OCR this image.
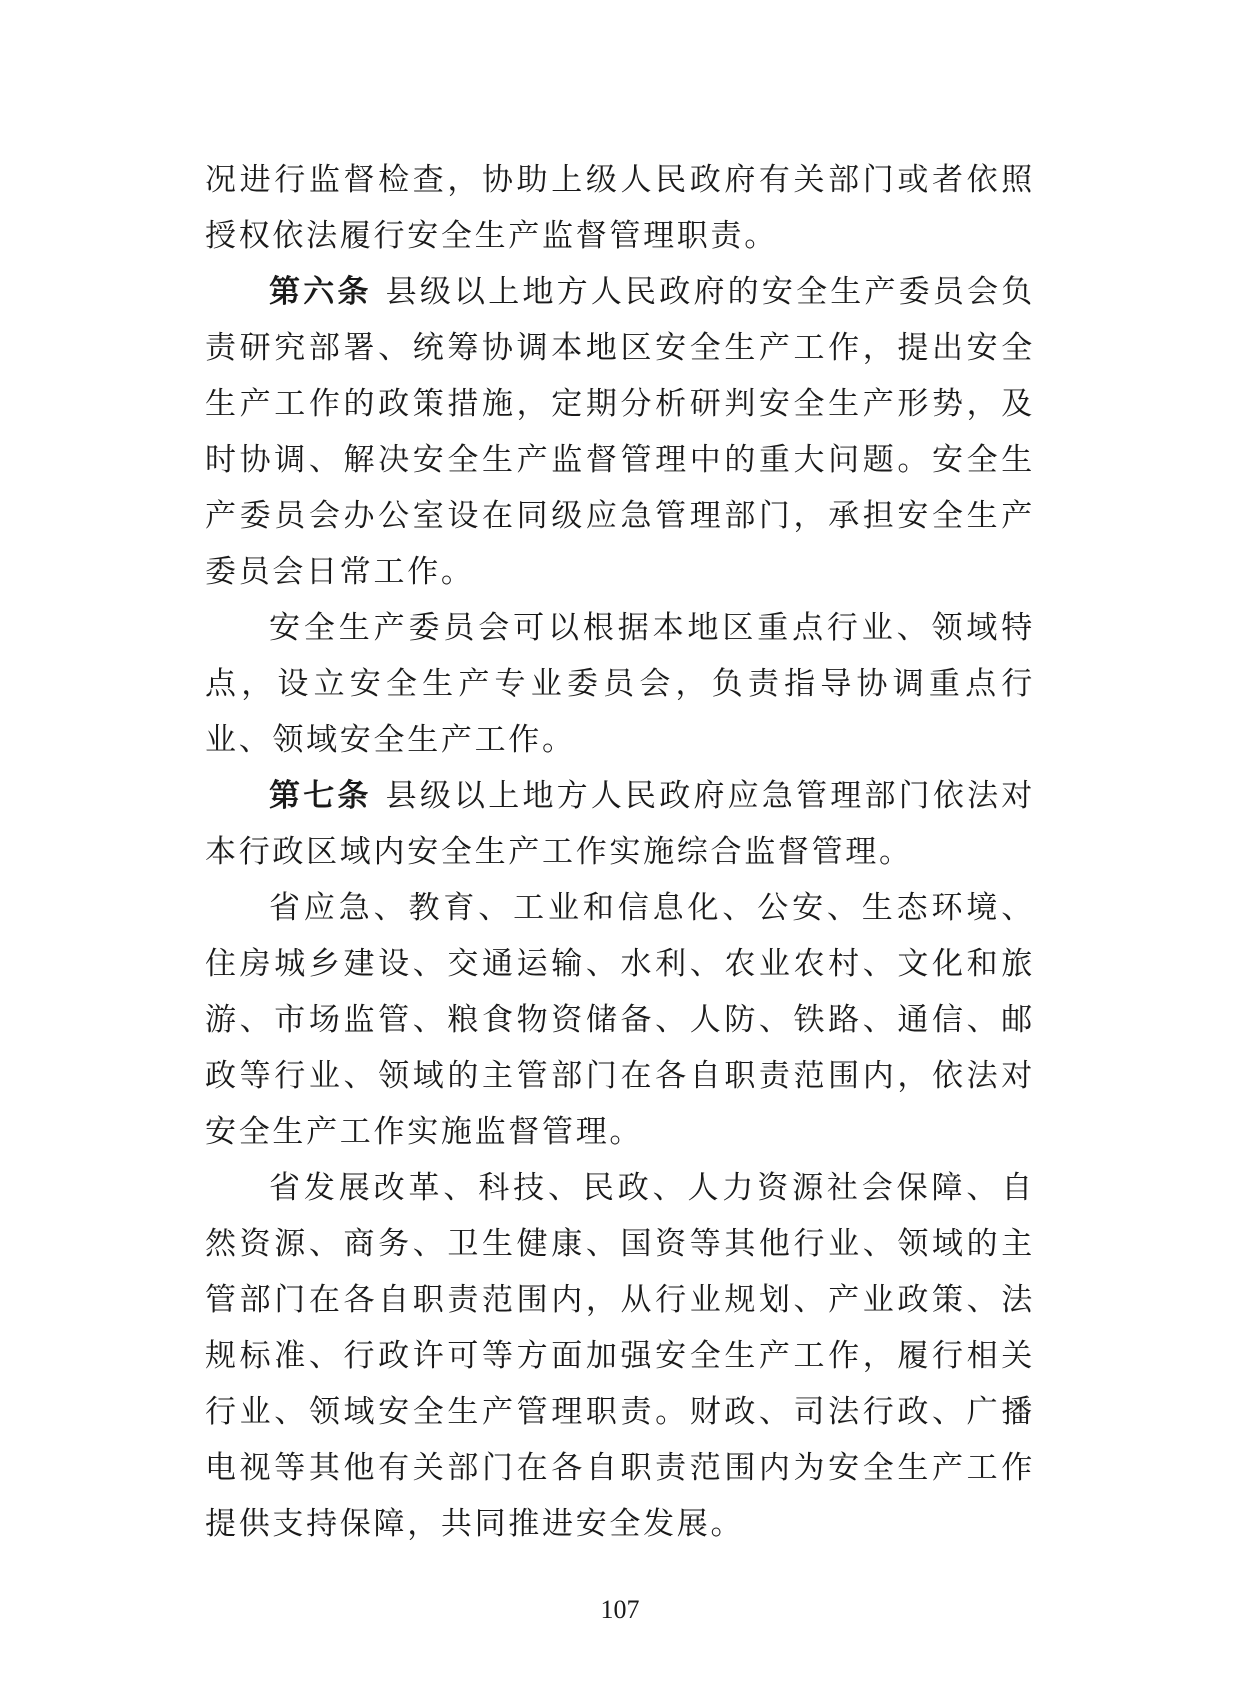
况进行监督检查，协助上级人民政府有关部门或者依照授权依法履行安全生产监督管理职责。

第六条 县级以上地方人民政府的安全生产委员会负责研究部署、统筹协调本地区安全生产工作，提出安全生产工作的政策措施，定期分析研判安全生产形势，及时协调、解决安全生产监督管理中的重大问题。安全生产委员会办公室设在同级应急管理部门，承担安全生产委员会日常工作。

安全生产委员会可以根据本地区重点行业、领域特点，设立安全生产专业委员会，负责指导协调重点行业、领域安全生产工作。

第七条 县级以上地方人民政府应急管理部门依法对本行政区域内安全生产工作实施综合监督管理。

省应急、教育、工业和信息化、公安、生态环境、住房城乡建设、交通运输、水利、农业农村、文化和旅游、市场监管、粮食物资储备、人防、铁路、通信、邮政等行业、领域的主管部门在各自职责范围内，依法对安全生产工作实施监督管理。

省发展改革、科技、民政、人力资源社会保障、自然资源、商务、卫生健康、国资等其他行业、领域的主管部门在各自职责范围内，从行业规划、产业政策、法规标准、行政许可等方面加强安全生产工作，履行相关行业、领域安全生产管理职责。财政、司法行政、广播电视等其他有关部门在各自职责范围内为安全生产工作提供支持保障，共同推进安全发展。

107
